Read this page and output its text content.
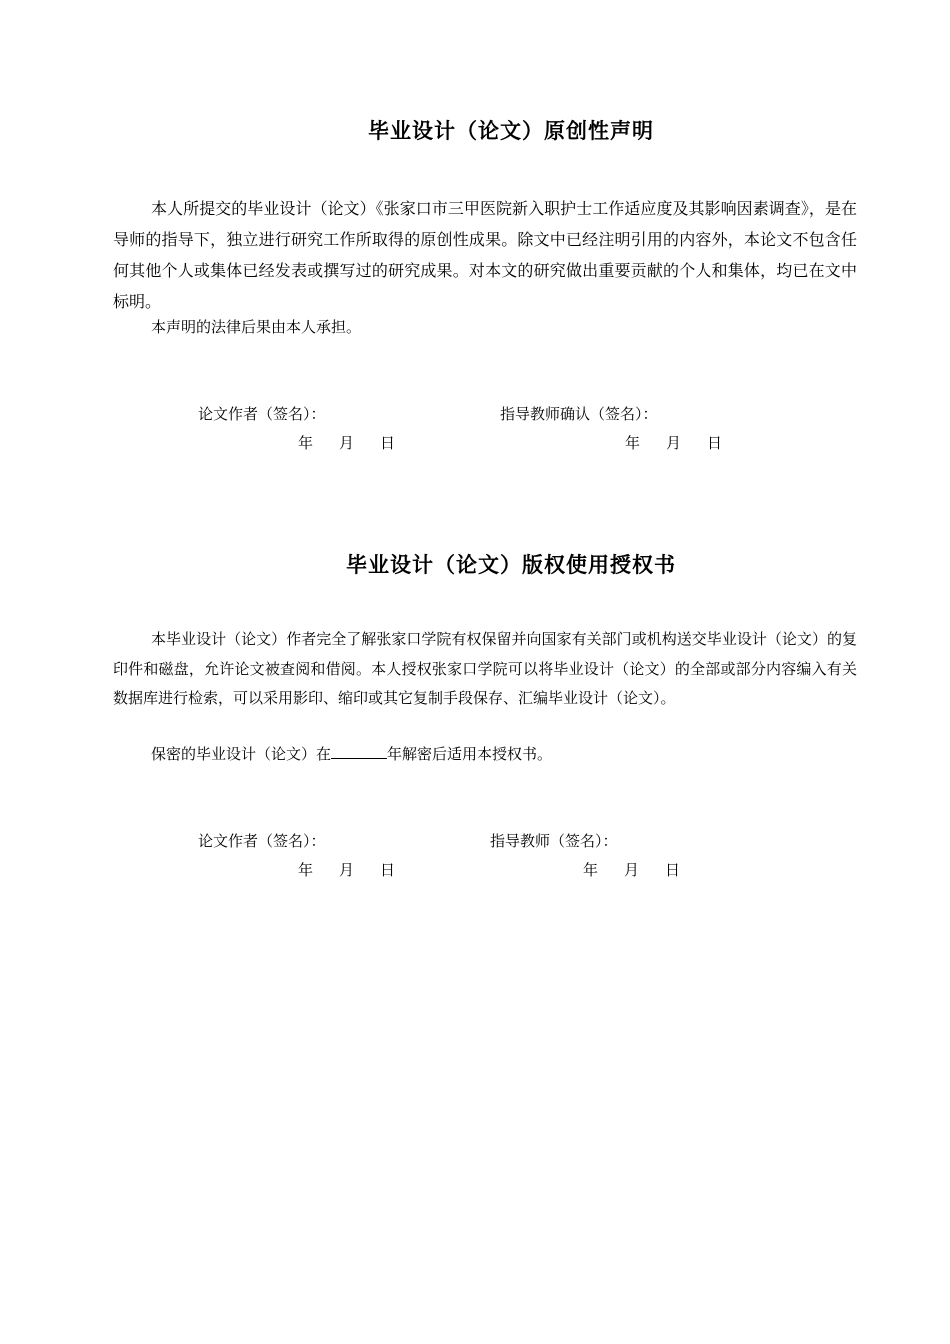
毕业设计（论文）原创性声明

本人所提交的毕业设计（论文）《张家口市三甲医院新入职护士工作适应度及其影响因素调查》，是在导师的指导下，独立进行研究工作所取得的原创性成果。除文中已经注明引用的内容外，本论文不包含任何其他个人或集体已经发表或撰写过的研究成果。对本文的研究做出重要贡献的个人和集体，均已在文中标明。

本声明的法律后果由本人承担。

论文作者（签名）：	指导教师确认（签名）：
年 月 日	年 月 日
毕业设计（论文）版权使用授权书

本毕业设计（论文）作者完全了解张家口学院有权保留并向国家有关部门或机构送交毕业设计（论文）的复印件和磁盘，允许论文被查阅和借阅。本人授权张家口学院可以将毕业设计（论文）的全部或部分内容编入有关数据库进行检索，可以采用影印、缩印或其它复制手段保存、汇编毕业设计（论文）。

保密的毕业设计（论文）在	年解密后适用本授权书。

论文作者（签名）：	指导教师（签名）：
年 月 日	年 月 日
